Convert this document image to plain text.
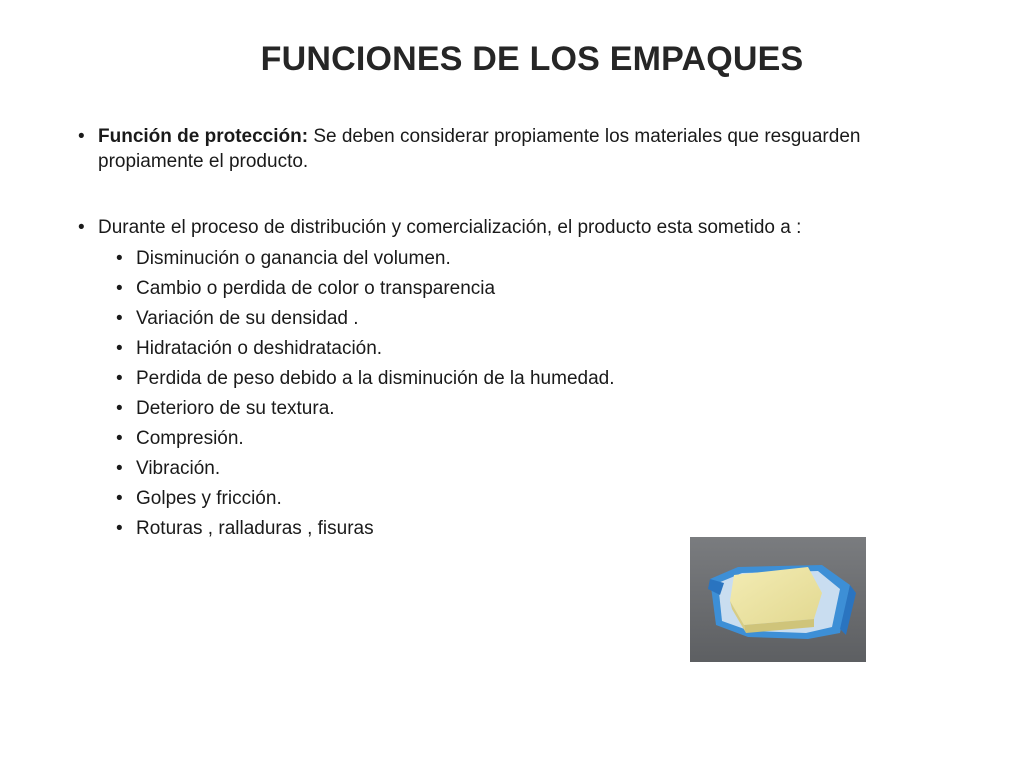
FUNCIONES DE LOS EMPAQUES

• Función de protección: Se deben considerar propiamente los materiales que resguarden propiamente el producto.

• Durante el proceso de distribución y comercialización, el producto esta sometido a :
• Disminución o ganancia del volumen.
• Cambio o perdida de color o transparencia
• Variación de su densidad .
• Hidratación o deshidratación.
• Perdida de peso debido a la disminución de la humedad.
• Deterioro de su textura.
• Compresión.
• Vibración.
• Golpes y fricción.
• Roturas , ralladuras , fisuras
